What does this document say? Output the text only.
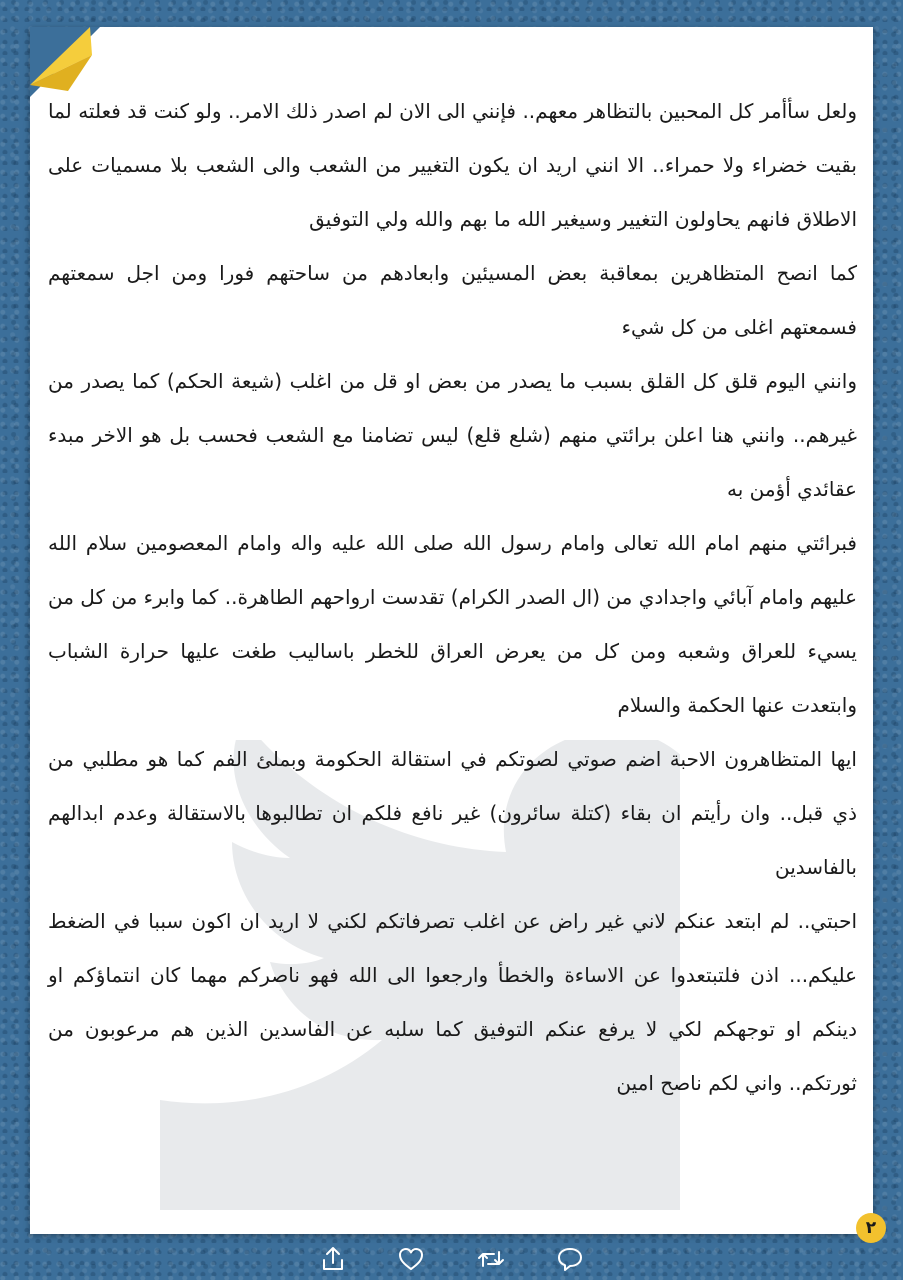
ولعل سأأمر كل المحبين بالتظاهر معهم.. فإنني الى الان لم اصدر ذلك الامر.. ولو كنت قد فعلته لما بقيت خضراء ولا حمراء.. الا انني اريد ان يكون التغيير من الشعب والى الشعب بلا مسميات على الاطلاق فانهم يحاولون التغيير وسيغير الله ما بهم والله ولي التوفيق

كما انصح المتظاهرين بمعاقبة بعض المسيئين وابعادهم من ساحتهم فورا ومن اجل سمعتهم فسمعتهم اغلى من كل شيء

وانني اليوم قلق كل القلق بسبب ما يصدر من بعض او قل من اغلب (شيعة الحكم) كما يصدر من غيرهم.. وانني هنا اعلن برائتي منهم (شلع قلع) ليس تضامنا مع الشعب فحسب بل هو الاخر مبدء عقائدي أؤمن به

فبرائتي منهم امام الله تعالى وامام رسول الله صلى الله عليه واله وامام المعصومين سلام الله عليهم وامام آبائي واجدادي من (ال الصدر الكرام) تقدست ارواحهم الطاهرة.. كما وابرء من كل من يسيء للعراق وشعبه ومن كل من يعرض العراق للخطر باساليب طغت عليها حرارة الشباب وابتعدت عنها الحكمة والسلام

ايها المتظاهرون الاحبة اضم صوتي لصوتكم في استقالة الحكومة وبملئ الفم كما هو مطلبي من ذي قبل.. وان رأيتم ان بقاء (كتلة سائرون) غير نافع فلكم ان تطالبوها بالاستقالة وعدم ابدالهم بالفاسدين

احبتي.. لم ابتعد عنكم لاني غير راض عن اغلب تصرفاتكم لكني لا اريد ان اكون سببا في الضغط عليكم... اذن فلتبتعدوا عن الاساءة والخطأ وارجعوا الى الله فهو ناصركم مهما كان انتماؤكم او دينكم او توجهكم لكي لا يرفع عنكم التوفيق كما سلبه عن الفاسدين الذين هم مرعوبون من ثورتكم.. واني لكم ناصح امين

٢
